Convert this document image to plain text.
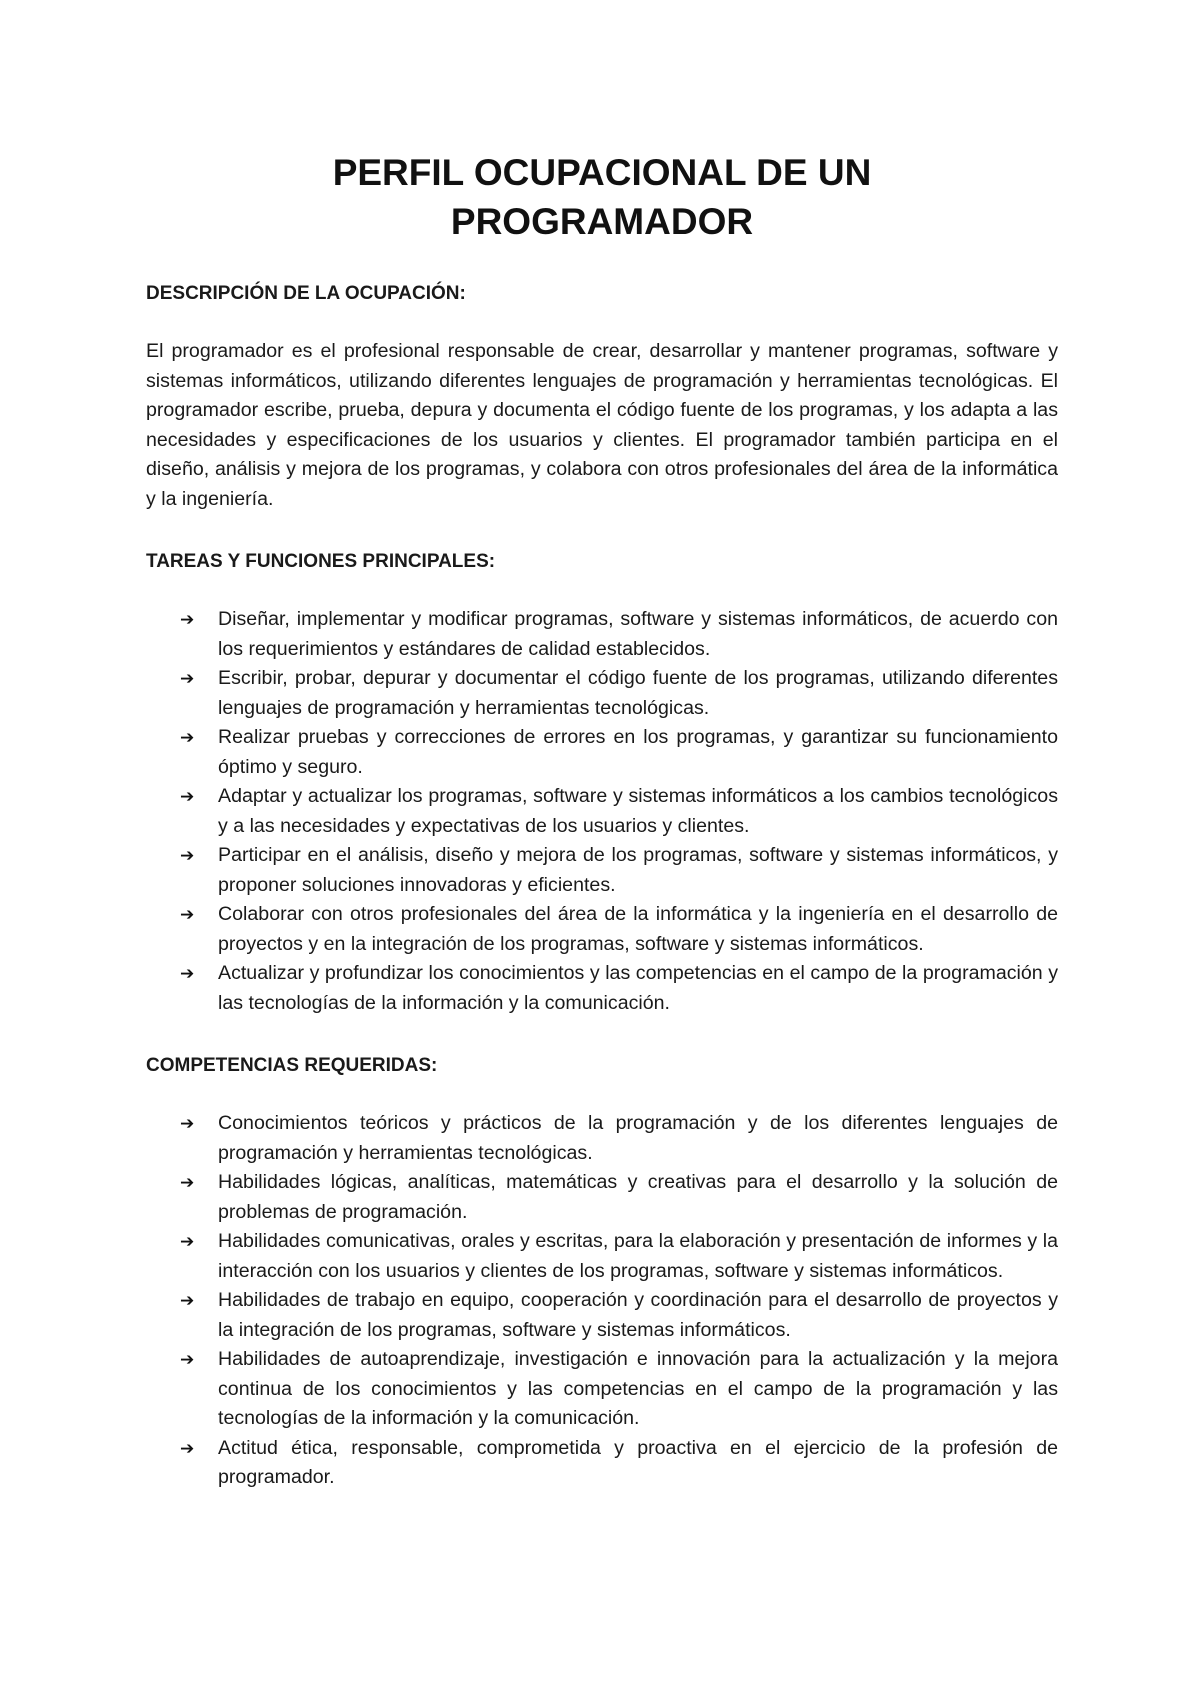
PERFIL OCUPACIONAL DE UN
PROGRAMADOR
DESCRIPCIÓN DE LA OCUPACIÓN:

El programador es el profesional responsable de crear, desarrollar y mantener programas, software y sistemas informáticos, utilizando diferentes lenguajes de programación y herramientas tecnológicas. El programador escribe, prueba, depura y documenta el código fuente de los programas, y los adapta a las necesidades y especificaciones de los usuarios y clientes. El programador también participa en el diseño, análisis y mejora de los programas, y colabora con otros profesionales del área de la informática y la ingeniería.

TAREAS Y FUNCIONES PRINCIPALES:
➔ Diseñar, implementar y modificar programas, software y sistemas informáticos, de acuerdo con los requerimientos y estándares de calidad establecidos.
➔ Escribir, probar, depurar y documentar el código fuente de los programas, utilizando diferentes lenguajes de programación y herramientas tecnológicas.
➔ Realizar pruebas y correcciones de errores en los programas, y garantizar su funcionamiento óptimo y seguro.
➔ Adaptar y actualizar los programas, software y sistemas informáticos a los cambios tecnológicos y a las necesidades y expectativas de los usuarios y clientes.
➔ Participar en el análisis, diseño y mejora de los programas, software y sistemas informáticos, y proponer soluciones innovadoras y eficientes.
➔ Colaborar con otros profesionales del área de la informática y la ingeniería en el desarrollo de proyectos y en la integración de los programas, software y sistemas informáticos.
➔ Actualizar y profundizar los conocimientos y las competencias en el campo de la programación y las tecnologías de la información y la comunicación.
COMPETENCIAS REQUERIDAS:
➔ Conocimientos teóricos y prácticos de la programación y de los diferentes lenguajes de programación y herramientas tecnológicas.
➔ Habilidades lógicas, analíticas, matemáticas y creativas para el desarrollo y la solución de problemas de programación.
➔ Habilidades comunicativas, orales y escritas, para la elaboración y presentación de informes y la interacción con los usuarios y clientes de los programas, software y sistemas informáticos.
➔ Habilidades de trabajo en equipo, cooperación y coordinación para el desarrollo de proyectos y la integración de los programas, software y sistemas informáticos.
➔ Habilidades de autoaprendizaje, investigación e innovación para la actualización y la mejora continua de los conocimientos y las competencias en el campo de la programación y las tecnologías de la información y la comunicación.
➔ Actitud ética, responsable, comprometida y proactiva en el ejercicio de la profesión de programador.
